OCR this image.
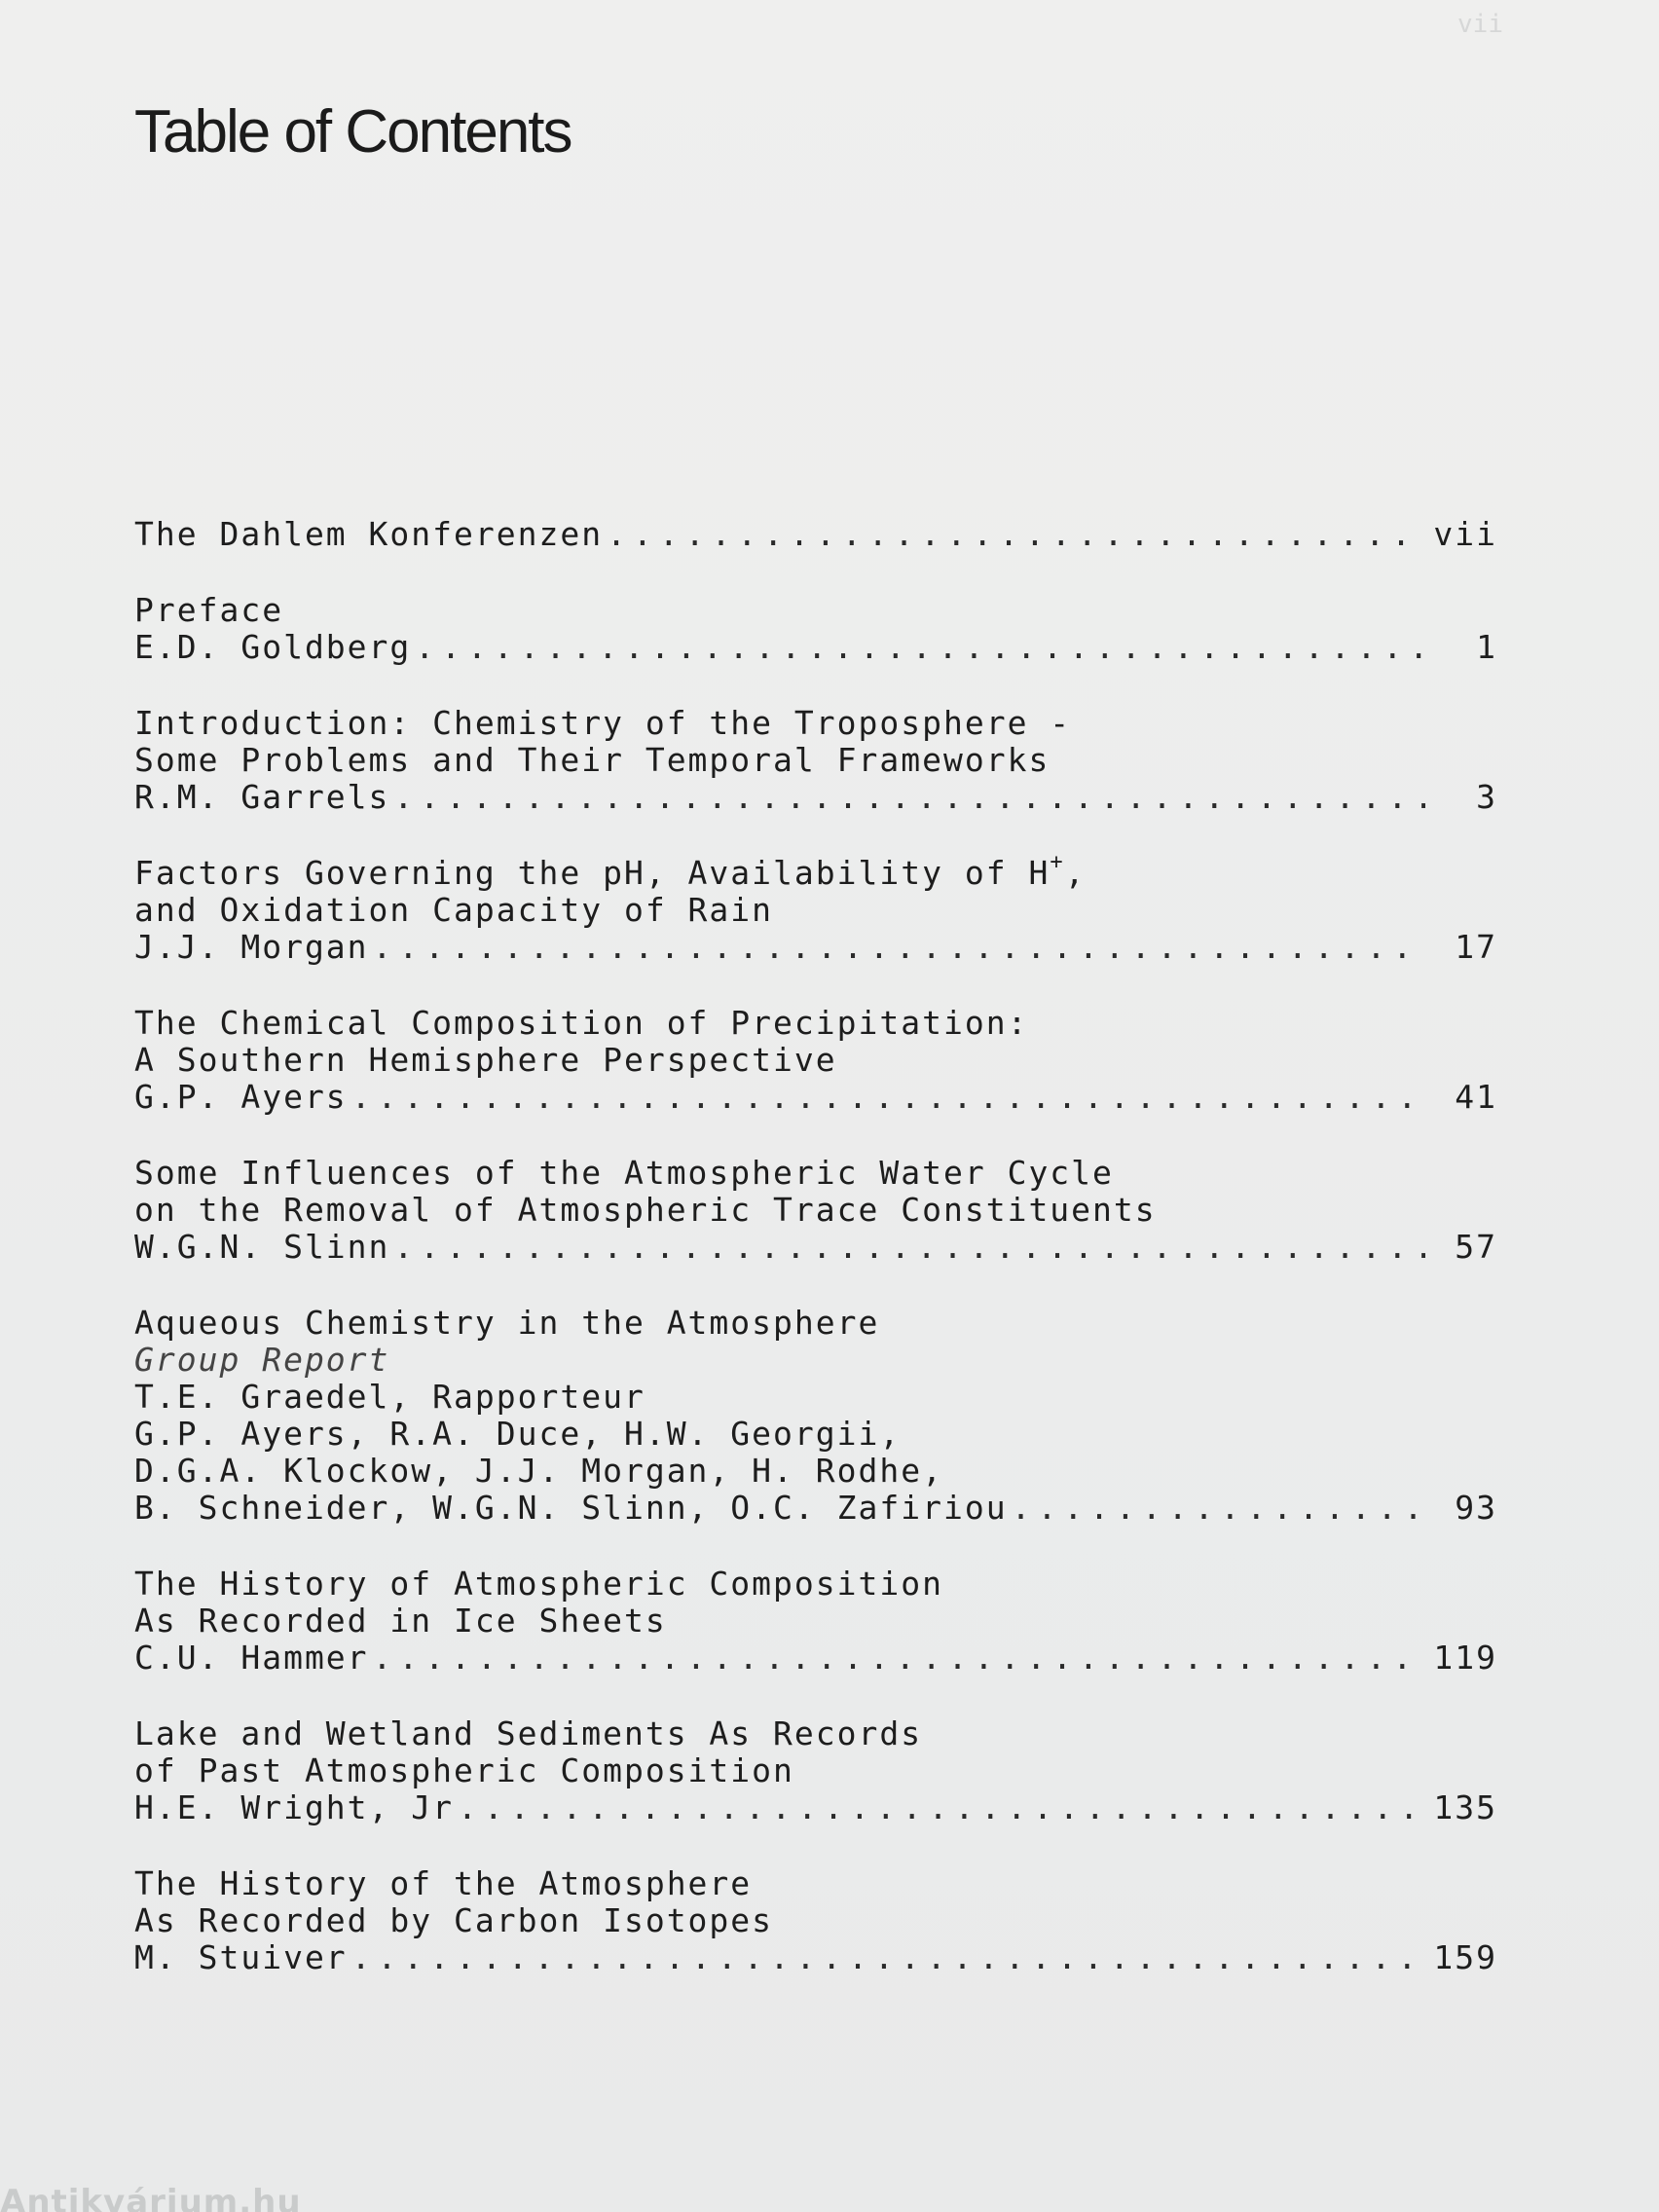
vii
Table of Contents
The Dahlem Konferenzen .....	vii
Preface
E.D. Goldberg .....	1
Introduction: Chemistry of the Troposphere -
Some Problems and Their Temporal Frameworks
R.M. Garrels .....	3
Factors Governing the pH, Availability of H+,
and Oxidation Capacity of Rain
J.J. Morgan .....	17
The Chemical Composition of Precipitation:
A Southern Hemisphere Perspective
G.P. Ayers .....	41
Some Influences of the Atmospheric Water Cycle
on the Removal of Atmospheric Trace Constituents
W.G.N. Slinn .....	57
Aqueous Chemistry in the Atmosphere
Group Report
T.E. Graedel, Rapporteur
G.P. Ayers, R.A. Duce, H.W. Georgii,
D.G.A. Klockow, J.J. Morgan, H. Rodhe,
B. Schneider, W.G.N. Slinn, O.C. Zafiriou .....	93
The History of Atmospheric Composition
As Recorded in Ice Sheets
C.U. Hammer .....	119
Lake and Wetland Sediments As Records
of Past Atmospheric Composition
H.E. Wright, Jr .....	135
The History of the Atmosphere
As Recorded by Carbon Isotopes
M. Stuiver .....	159
Antikvárium.hu
